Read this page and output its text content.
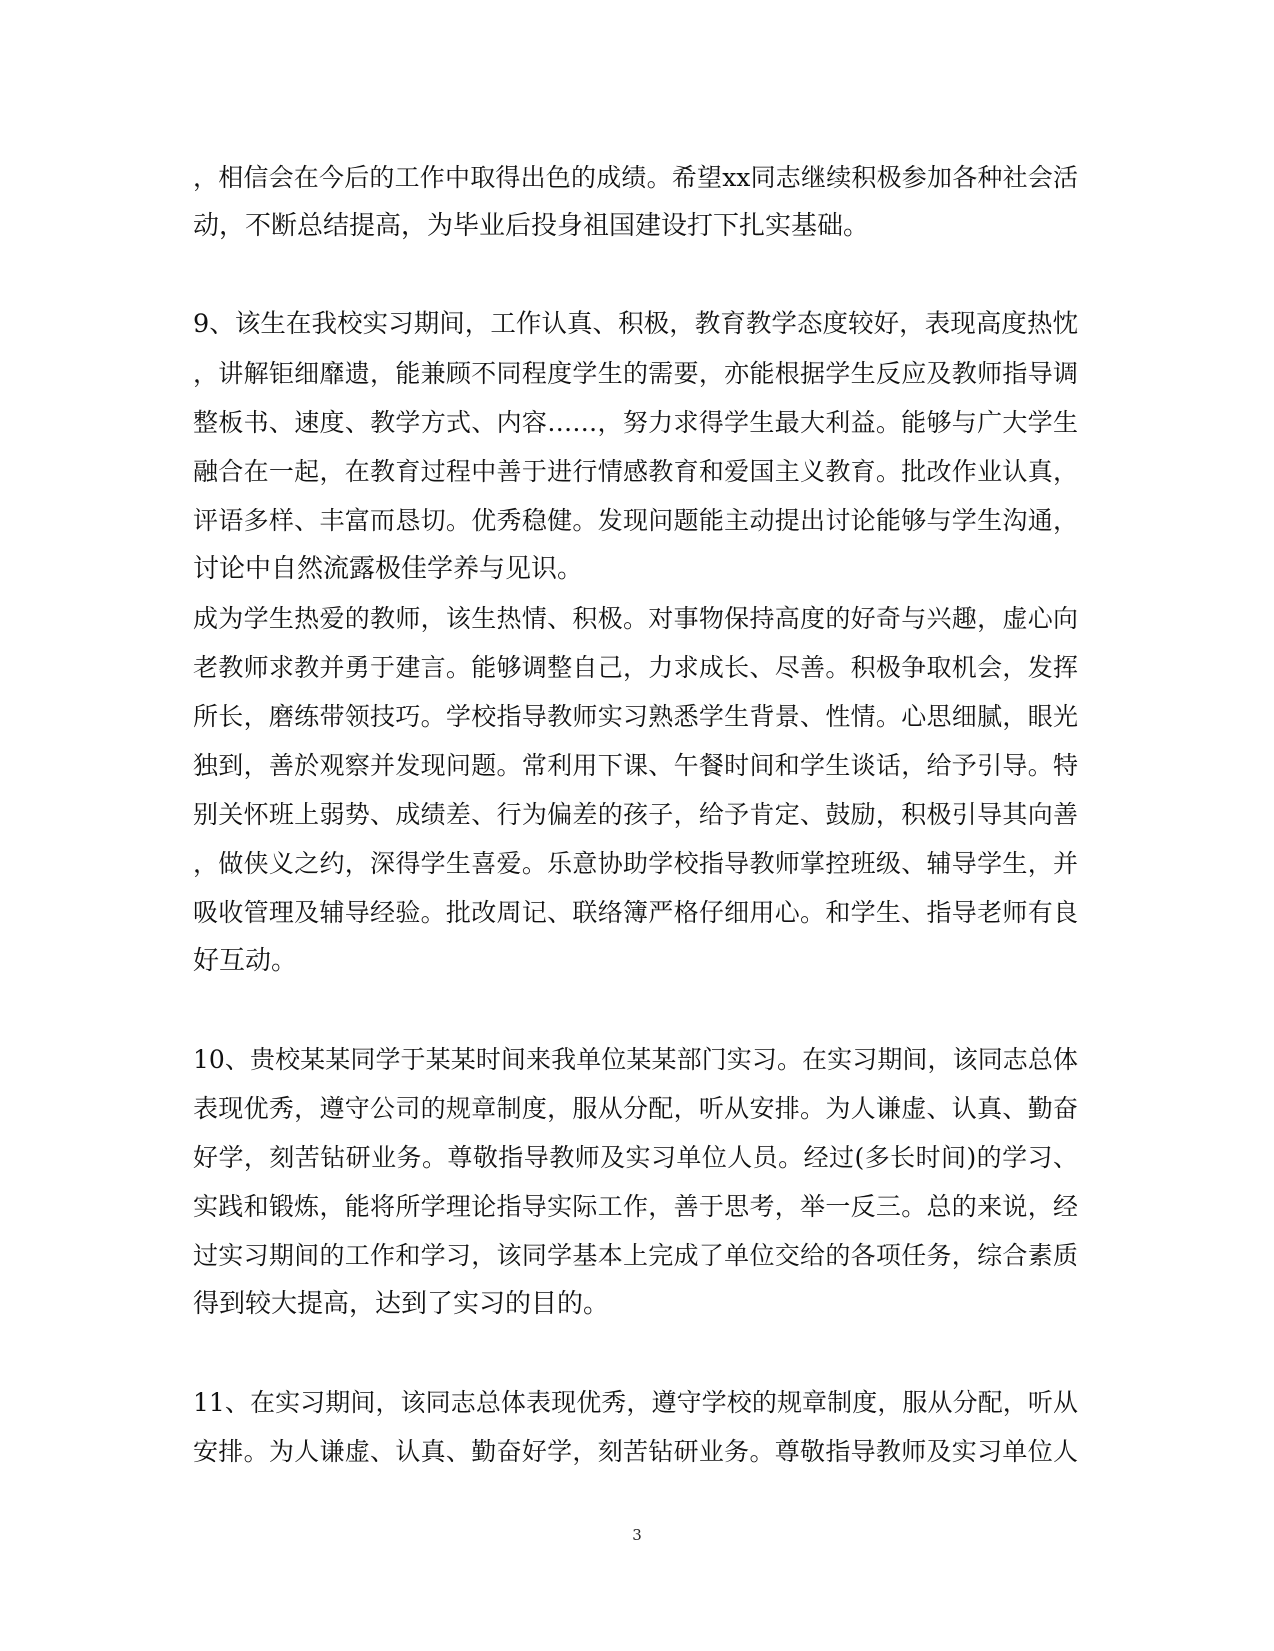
，相信会在今后的工作中取得出色的成绩。希望xx同志继续积极参加各种社会活
动，不断总结提高，为毕业后投身祖国建设打下扎实基础。
9、该生在我校实习期间，工作认真、积极，教育教学态度较好，表现高度热忱
，讲解钜细靡遗，能兼顾不同程度学生的需要，亦能根据学生反应及教师指导调
整板书、速度、教学方式、内容……，努力求得学生最大利益。能够与广大学生
融合在一起，在教育过程中善于进行情感教育和爱国主义教育。批改作业认真，
评语多样、丰富而恳切。优秀稳健。发现问题能主动提出讨论能够与学生沟通，
讨论中自然流露极佳学养与见识。
成为学生热爱的教师，该生热情、积极。对事物保持高度的好奇与兴趣，虚心向
老教师求教并勇于建言。能够调整自己，力求成长、尽善。积极争取机会，发挥
所长，磨练带领技巧。学校指导教师实习熟悉学生背景、性情。心思细腻，眼光
独到，善於观察并发现问题。常利用下课、午餐时间和学生谈话，给予引导。特
别关怀班上弱势、成绩差、行为偏差的孩子，给予肯定、鼓励，积极引导其向善
，做侠义之约，深得学生喜爱。乐意协助学校指导教师掌控班级、辅导学生，并
吸收管理及辅导经验。批改周记、联络簿严格仔细用心。和学生、指导老师有良
好互动。
10、贵校某某同学于某某时间来我单位某某部门实习。在实习期间，该同志总体
表现优秀，遵守公司的规章制度，服从分配，听从安排。为人谦虚、认真、勤奋
好学，刻苦钻研业务。尊敬指导教师及实习单位人员。经过(多长时间)的学习、
实践和锻炼，能将所学理论指导实际工作，善于思考，举一反三。总的来说，经
过实习期间的工作和学习，该同学基本上完成了单位交给的各项任务，综合素质
得到较大提高，达到了实习的目的。
11、在实习期间，该同志总体表现优秀，遵守学校的规章制度，服从分配，听从
安排。为人谦虚、认真、勤奋好学，刻苦钻研业务。尊敬指导教师及实习单位人
3
